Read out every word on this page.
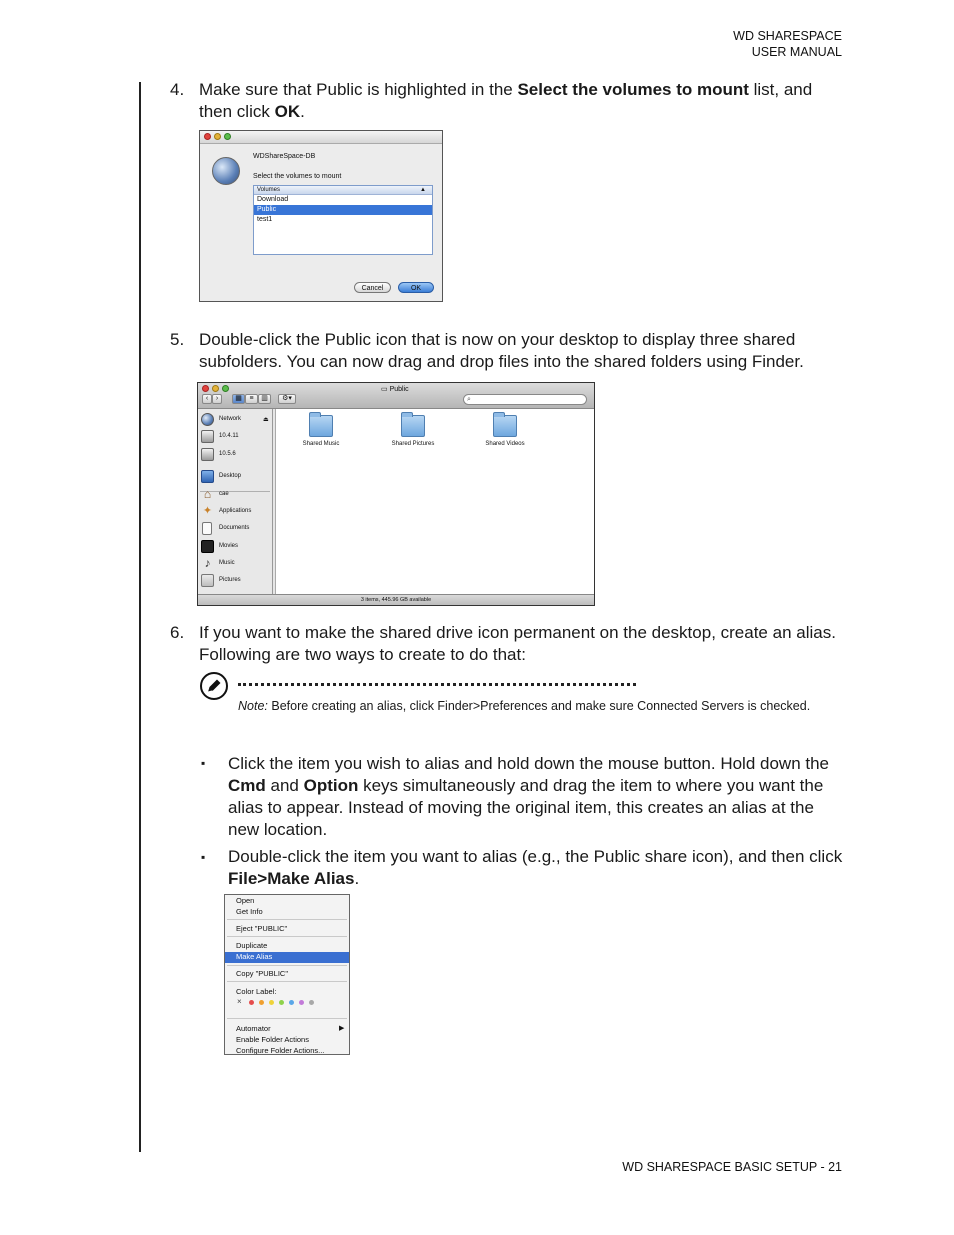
WD SHARESPACE
USER MANUAL
WD SHARESPACE BASIC SETUP - 21
4. Make sure that Public is highlighted in the Select the volumes to mount list, and then click OK.
WDShareSpace-DB
Select the volumes to mount
Volumes	▲
Download
Public
test1
Cancel	OK
5. Double-click the Public icon that is now on your desktop to display three shared subfolders. You can now drag and drop files into the shared folders using Finder.
▭ Public
‹	›	▦	≡	▥	⚙▾	⌕
Network	⏏
10.4.11
10.5.6
Desktop
⌂	cae
✦	Applications
Documents
Movies
♪	Music
Pictures
Shared Music	Shared Pictures	Shared Videos
3 items, 445.96 GB available
6. If you want to make the shared drive icon permanent on the desktop, create an alias. Following are two ways to create to do that:
Note: Before creating an alias, click Finder>Preferences and make sure Connected Servers is checked.
▪ Click the item you wish to alias and hold down the mouse button. Hold down the Cmd and Option keys simultaneously and drag the item to where you want the alias to appear. Instead of moving the original item, this creates an alias at the new location.
▪ Double-click the item you want to alias (e.g., the Public share icon), and then click File>Make Alias.
Open
Get Info
Eject "PUBLIC"
Duplicate
Make Alias
Copy "PUBLIC"
Color Label:
×
Automator	▶
Enable Folder Actions
Configure Folder Actions...
